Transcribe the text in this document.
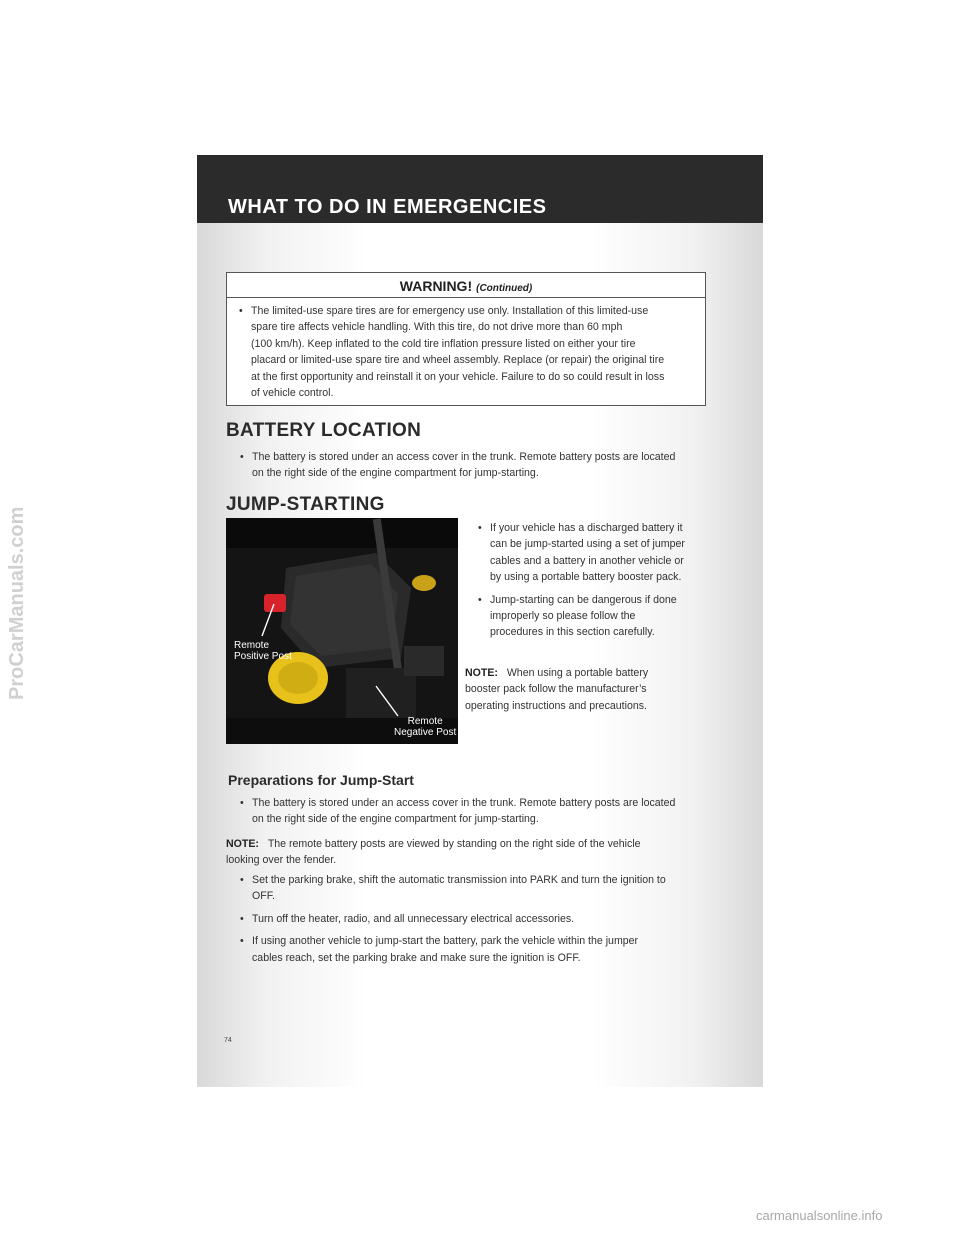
WHAT TO DO IN EMERGENCIES
WARNING! (Continued)
• The limited-use spare tires are for emergency use only. Installation of this limited-use
spare tire affects vehicle handling. With this tire, do not drive more than 60 mph
(100 km/h). Keep inflated to the cold tire inflation pressure listed on either your tire
placard or limited-use spare tire and wheel assembly. Replace (or repair) the original tire
at the first opportunity and reinstall it on your vehicle. Failure to do so could result in loss
of vehicle control.
BATTERY LOCATION
• The battery is stored under an access cover in the trunk. Remote battery posts are located
on the right side of the engine compartment for jump-starting.
JUMP-STARTING
Remote
Positive Post
Remote
Negative Post
• If your vehicle has a discharged battery it
can be jump-started using a set of jumper
cables and a battery in another vehicle or
by using a portable battery booster pack.
• Jump-starting can be dangerous if done
improperly so please follow the
procedures in this section carefully.
NOTE: When using a portable battery
booster pack follow the manufacturer’s
operating instructions and precautions.
Preparations for Jump-Start
• The battery is stored under an access cover in the trunk. Remote battery posts are located
on the right side of the engine compartment for jump-starting.
NOTE: The remote battery posts are viewed by standing on the right side of the vehicle
looking over the fender.
• Set the parking brake, shift the automatic transmission into PARK and turn the ignition to
OFF.
• Turn off the heater, radio, and all unnecessary electrical accessories.
• If using another vehicle to jump-start the battery, park the vehicle within the jumper
cables reach, set the parking brake and make sure the ignition is OFF.
74
ProCarManuals.com
carmanualsonline.info
